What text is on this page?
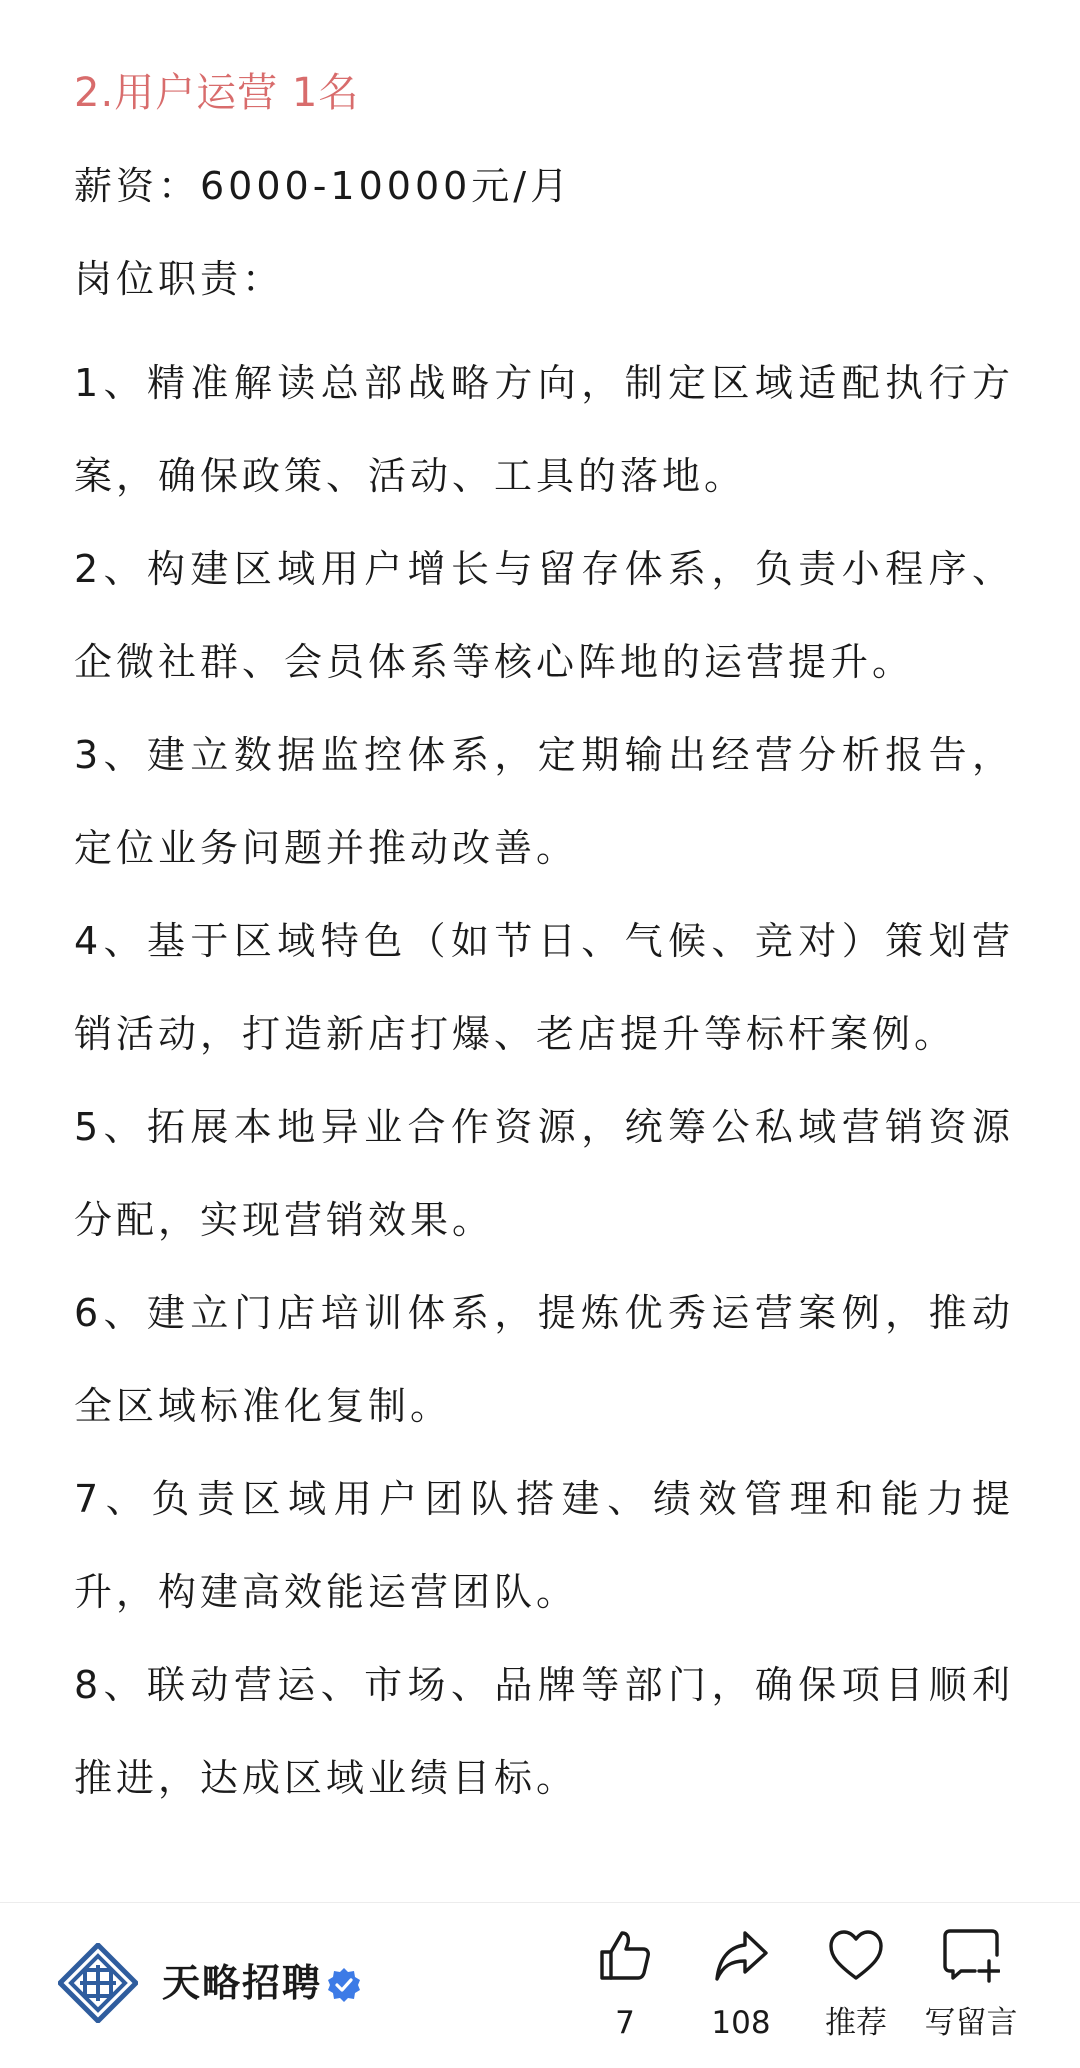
2.用户运营 1名
薪资：6000-10000元/月
岗位职责：

1、精准解读总部战略方向，制定区域适配执行方案，确保政策、活动、工具的落地。

2、构建区域用户增长与留存体系，负责小程序、企微社群、会员体系等核心阵地的运营提升。

3、建立数据监控体系，定期输出经营分析报告，定位业务问题并推动改善。

4、基于区域特色（如节日、气候、竞对）策划营销活动，打造新店打爆、老店提升等标杆案例。

5、拓展本地异业合作资源，统筹公私域营销资源分配，实现营销效果。

6、建立门店培训体系，提炼优秀运营案例，推动全区域标准化复制。

7、负责区域用户团队搭建、绩效管理和能力提升，构建高效能运营团队。

8、联动营运、市场、品牌等部门，确保项目顺利推进，达成区域业绩目标。

天略招聘
7	108	推荐	写留言
